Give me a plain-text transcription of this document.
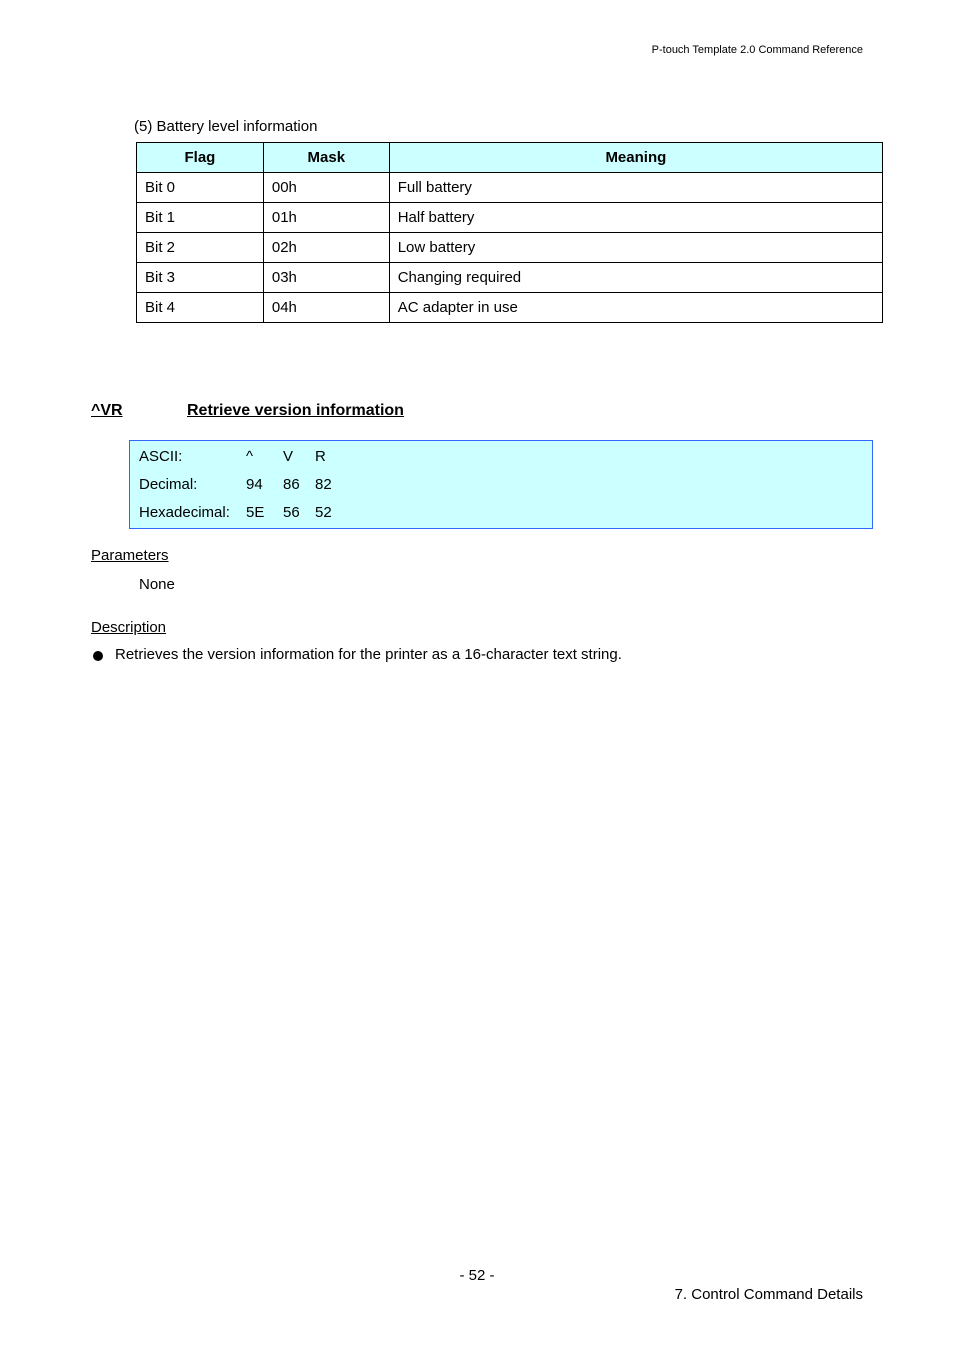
P-touch Template 2.0 Command Reference
(5) Battery level information
Flag	Mask	Meaning
Bit 0	00h	Full battery
Bit 1	01h	Half battery
Bit 2	02h	Low battery
Bit 3	03h	Changing required
Bit 4	04h	AC adapter in use
^VR	Retrieve version information
ASCII:	^ V R
Decimal:	94 86 82
Hexadecimal: 5E 56 52
Parameters
None
Description
Retrieves the version information for the printer as a 16-character text string.
- 52 -
7. Control Command Details
